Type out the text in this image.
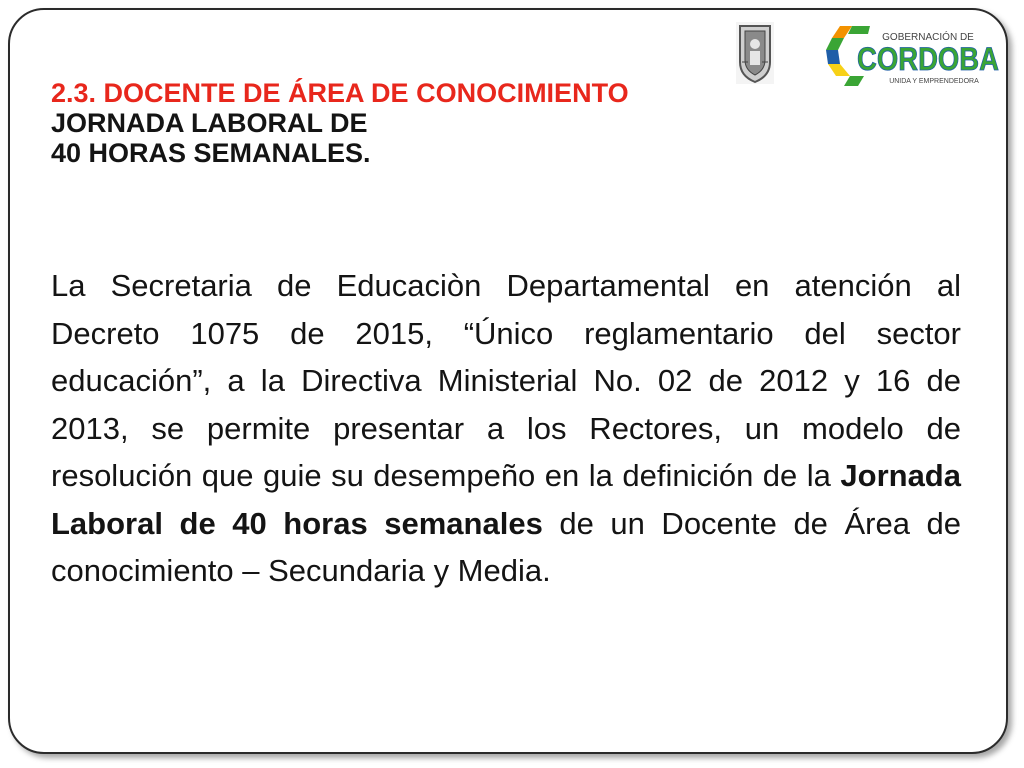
GOBERNACIÓN DE
CORDOBA
UNIDA Y EMPRENDEDORA
2.3. DOCENTE DE ÁREA DE CONOCIMIENTO
JORNADA LABORAL DE
40 HORAS SEMANALES.
La Secretaria de Educaciòn Departamental en atención al Decreto 1075 de 2015, “Único reglamentario del sector educación”, a la Directiva Ministerial No. 02 de 2012 y 16 de 2013, se permite presentar a los Rectores, un modelo de resolución que guie su desempeño en la definición de la Jornada Laboral de 40 horas semanales de un Docente de Área de conocimiento – Secundaria y Media.
